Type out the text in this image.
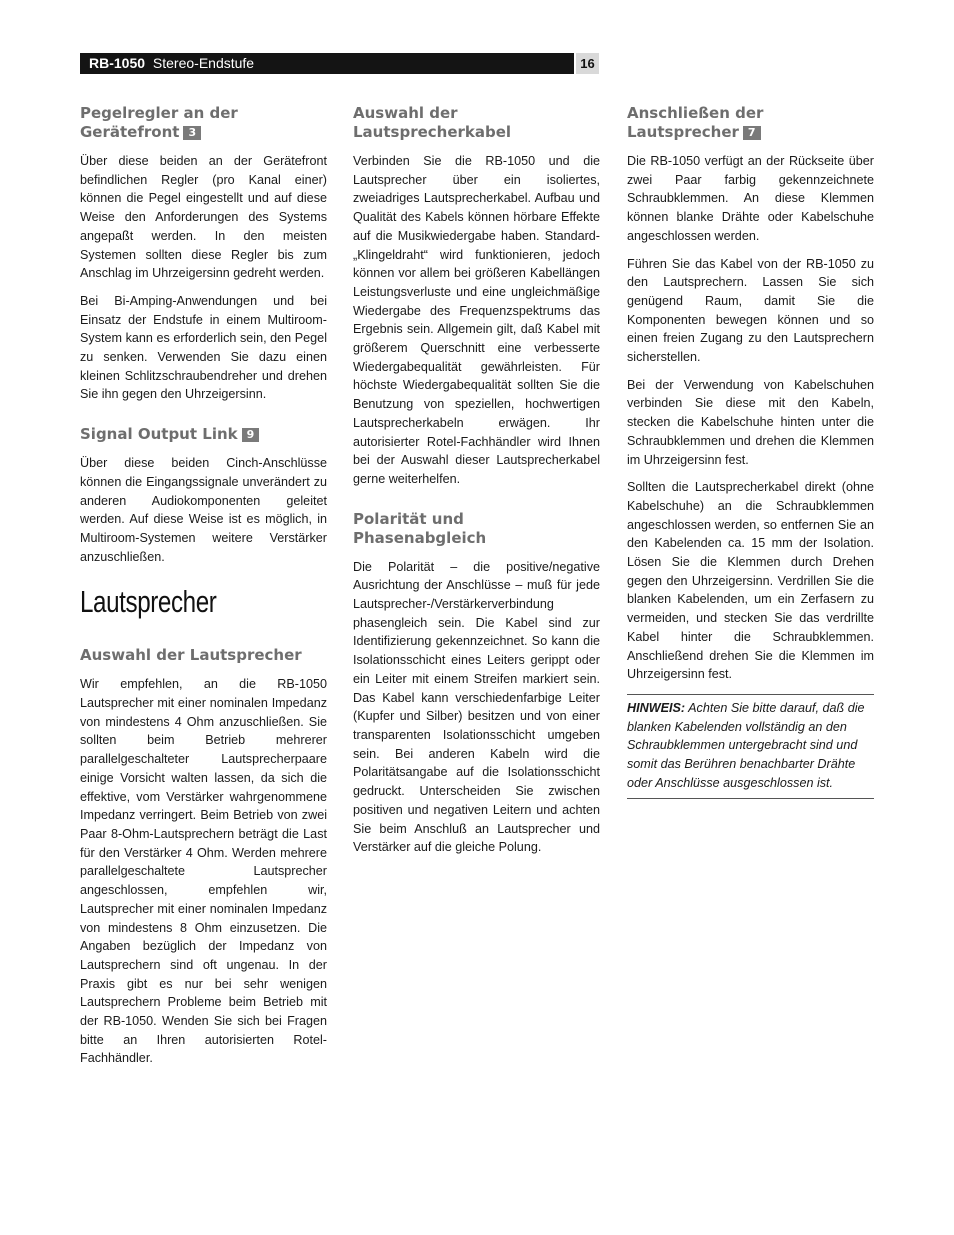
RB-1050 Stereo-Endstufe	16
Pegelregler an der Gerätefront 3

Über diese beiden an der Gerätefront befindlichen Regler (pro Kanal einer) können die Pegel eingestellt und auf diese Weise den Anforderungen des Systems angepaßt werden. In den meisten Systemen sollten diese Regler bis zum Anschlag im Uhrzeigersinn gedreht werden.

Bei Bi-Amping-Anwendungen und bei Einsatz der Endstufe in einem Multiroom-System kann es erforderlich sein, den Pegel zu senken. Verwenden Sie dazu einen kleinen Schlitzschraubendreher und drehen Sie ihn gegen den Uhrzeigersinn.

Signal Output Link 9

Über diese beiden Cinch-Anschlüsse können die Eingangssignale unverändert zu anderen Audiokomponenten geleitet werden. Auf diese Weise ist es möglich, in Multiroom-Systemen weitere Verstärker anzuschließen.

Lautsprecher
Auswahl der Lautsprecher

Wir empfehlen, an die RB-1050 Lautsprecher mit einer nominalen Impedanz von mindestens 4 Ohm anzuschließen. Sie sollten beim Betrieb mehrerer parallelgeschalteter Lautsprecherpaare einige Vorsicht walten lassen, da sich die effektive, vom Verstärker wahrgenommene Impedanz verringert. Beim Betrieb von zwei Paar 8-Ohm-Lautsprechern beträgt die Last für den Verstärker 4 Ohm. Werden mehrere parallelgeschaltete Lautsprecher angeschlossen, empfehlen wir, Lautsprecher mit einer nominalen Impedanz von mindestens 8 Ohm einzusetzen. Die Angaben bezüglich der Impedanz von Lautsprechern sind oft ungenau. In der Praxis gibt es nur bei sehr wenigen Lautsprechern Probleme beim Betrieb mit der RB-1050. Wenden Sie sich bei Fragen bitte an Ihren autorisierten Rotel-Fachhändler.

Auswahl der Lautsprecherkabel

Verbinden Sie die RB-1050 und die Lautsprecher über ein isoliertes, zweiadriges Lautsprecherkabel. Aufbau und Qualität des Kabels können hörbare Effekte auf die Musikwiedergabe haben. Standard-„Klingeldraht“ wird funktionieren, jedoch können vor allem bei größeren Kabellängen Leistungsverluste und eine ungleichmäßige Wiedergabe des Frequenzspektrums das Ergebnis sein. Allgemein gilt, daß Kabel mit größerem Querschnitt eine verbesserte Wiedergabequalität gewährleisten. Für höchste Wiedergabequalität sollten Sie die Benutzung von speziellen, hochwertigen Lautsprecherkabeln erwägen. Ihr autorisierter Rotel-Fachhändler wird Ihnen bei der Auswahl dieser Lautsprecherkabel gerne weiterhelfen.

Polarität und Phasenabgleich

Die Polarität – die positive/negative Ausrichtung der Anschlüsse – muß für jede Lautsprecher-/Verstärkerverbindung phasengleich sein. Die Kabel sind zur Identifizierung gekennzeichnet. So kann die Isolationsschicht eines Leiters gerippt oder ein Leiter mit einem Streifen markiert sein. Das Kabel kann verschiedenfarbige Leiter (Kupfer und Silber) besitzen und von einer transparenten Isolationsschicht umgeben sein. Bei anderen Kabeln wird die Polaritätsangabe auf die Isolationsschicht gedruckt. Unterscheiden Sie zwischen positiven und negativen Leitern und achten Sie beim Anschluß an Lautsprecher und Verstärker auf die gleiche Polung.

Anschließen der Lautsprecher 7

Die RB-1050 verfügt an der Rückseite über zwei Paar farbig gekennzeichnete Schraubklemmen. An diese Klemmen können blanke Drähte oder Kabelschuhe angeschlossen werden.

Führen Sie das Kabel von der RB-1050 zu den Lautsprechern. Lassen Sie sich genügend Raum, damit Sie die Komponenten bewegen können und so einen freien Zugang zu den Lautsprechern sicherstellen.

Bei der Verwendung von Kabelschuhen verbinden Sie diese mit den Kabeln, stecken die Kabelschuhe hinten unter die Schraubklemmen und drehen die Klemmen im Uhrzeigersinn fest.

Sollten die Lautsprecherkabel direkt (ohne Kabelschuhe) an die Schraubklemmen angeschlossen werden, so entfernen Sie an den Kabelenden ca. 15 mm der Isolation. Lösen Sie die Klemmen durch Drehen gegen den Uhrzeigersinn. Verdrillen Sie die blanken Kabelenden, um ein Zerfasern zu vermeiden, und stecken Sie das verdrillte Kabel hinter die Schraubklemmen. Anschließend drehen Sie die Klemmen im Uhrzeigersinn fest.

HINWEIS: Achten Sie bitte darauf, daß die blanken Kabelenden vollständig an den Schraubklemmen untergebracht sind und somit das Berühren benachbarter Drähte oder Anschlüsse ausgeschlossen ist.
